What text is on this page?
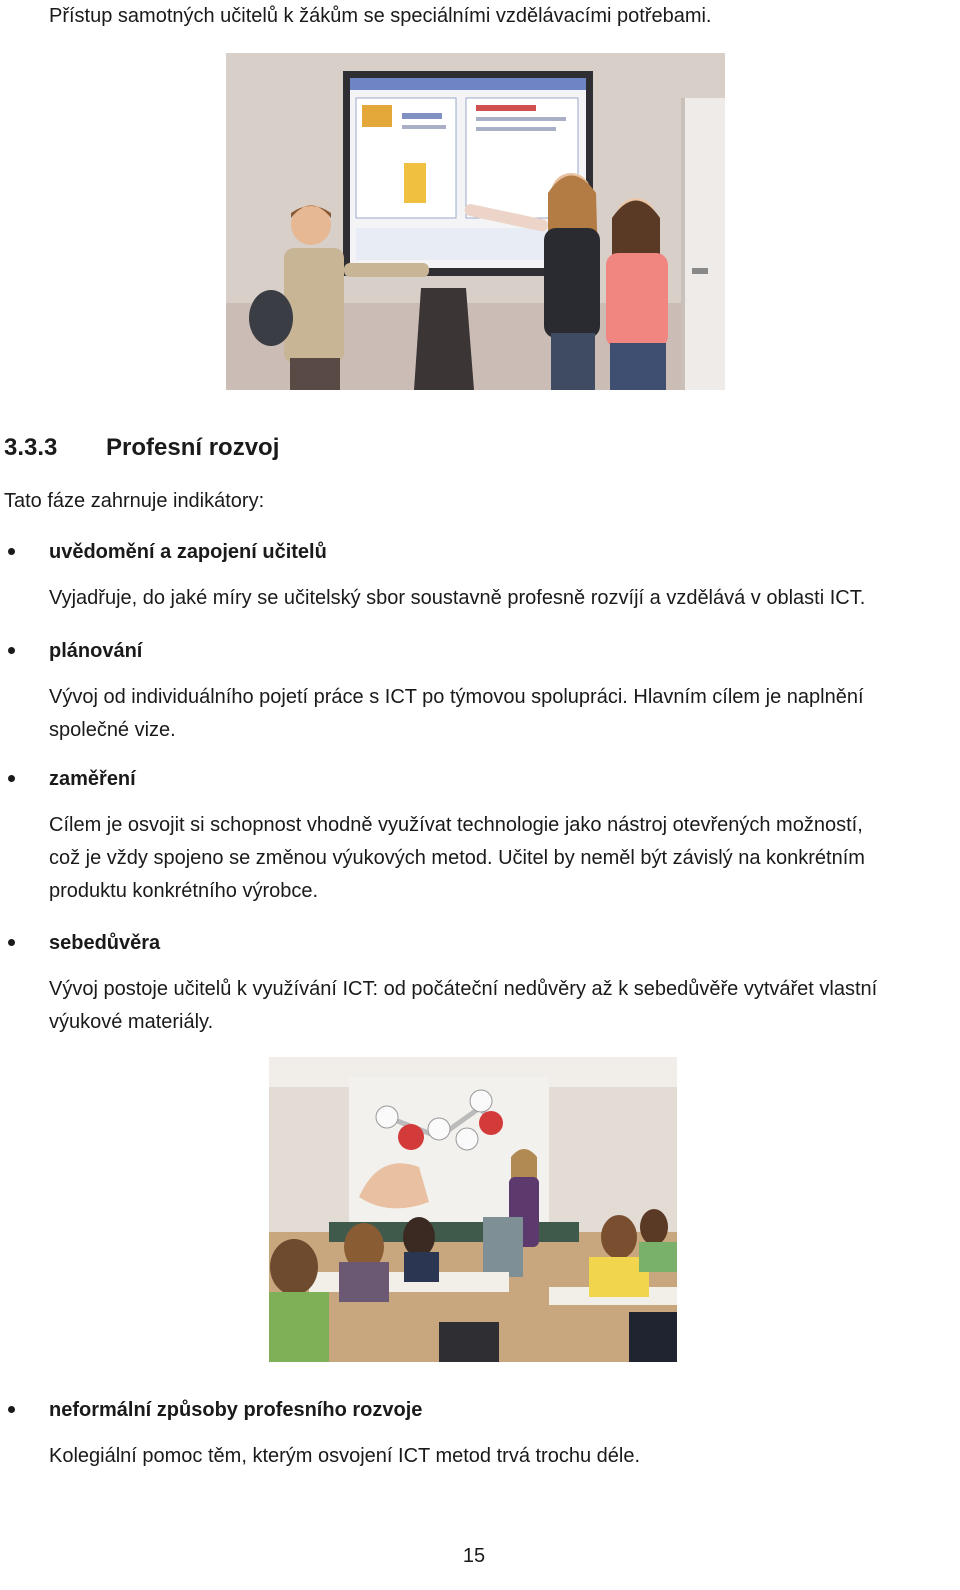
Přístup samotných učitelů k žákům se speciálními vzdělávacími potřebami.
3.3.3 Profesní rozvoj
Tato fáze zahrnuje indikátory:
uvědomění a zapojení učitelů
Vyjadřuje, do jaké míry se učitelský sbor soustavně profesně rozvíjí a vzdělává v oblasti ICT.
plánování
Vývoj od individuálního pojetí práce s ICT po týmovou spolupráci. Hlavním cílem je naplnění
společné vize.
zaměření
Cílem je osvojit si schopnost vhodně využívat technologie jako nástroj otevřených možností,
což je vždy spojeno se změnou výukových metod. Učitel by neměl být závislý na konkrétním
produktu konkrétního výrobce.
sebedůvěra
Vývoj postoje učitelů k využívání ICT: od počáteční nedůvěry až k sebedůvěře vytvářet vlastní
výukové materiály.
neformální způsoby profesního rozvoje
Kolegiální pomoc těm, kterým osvojení ICT metod trvá trochu déle.
15
